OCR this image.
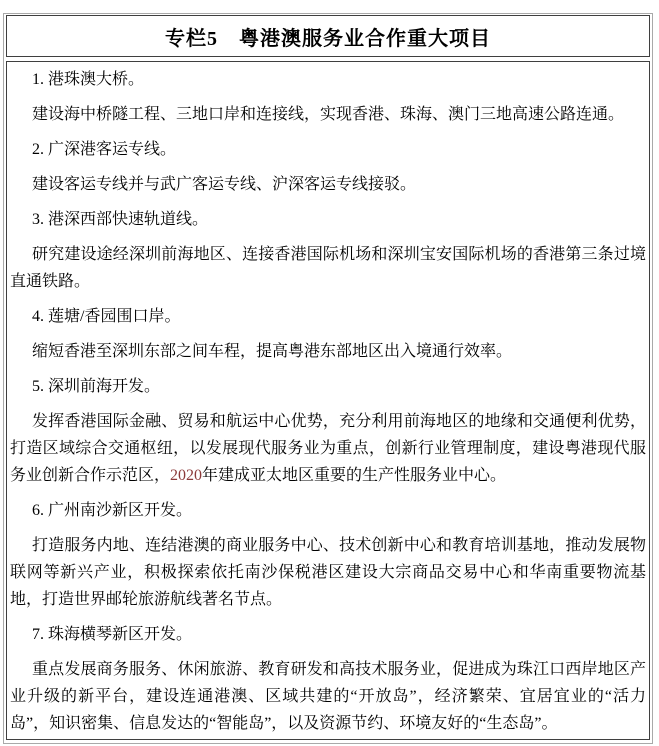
专栏5　粤港澳服务业合作重大项目

1. 港珠澳大桥。

建设海中桥隧工程、三地口岸和连接线，实现香港、珠海、澳门三地高速公路连通。

2. 广深港客运专线。

建设客运专线并与武广客运专线、沪深客运专线接驳。

3. 港深西部快速轨道线。

研究建设途经深圳前海地区、连接香港国际机场和深圳宝安国际机场的香港第三条过境直通铁路。

4. 莲塘/香园围口岸。

缩短香港至深圳东部之间车程，提高粤港东部地区出入境通行效率。

5. 深圳前海开发。

发挥香港国际金融、贸易和航运中心优势，充分利用前海地区的地缘和交通便利优势，打造区域综合交通枢纽，以发展现代服务业为重点，创新行业管理制度，建设粤港现代服务业创新合作示范区，2020年建成亚太地区重要的生产性服务业中心。

6. 广州南沙新区开发。

打造服务内地、连结港澳的商业服务中心、技术创新中心和教育培训基地，推动发展物联网等新兴产业，积极探索依托南沙保税港区建设大宗商品交易中心和华南重要物流基地，打造世界邮轮旅游航线著名节点。

7. 珠海横琴新区开发。

重点发展商务服务、休闲旅游、教育研发和高技术服务业，促进成为珠江口西岸地区产业升级的新平台，建设连通港澳、区域共建的“开放岛”，经济繁荣、宜居宜业的“活力岛”，知识密集、信息发达的“智能岛”，以及资源节约、环境友好的“生态岛”。
